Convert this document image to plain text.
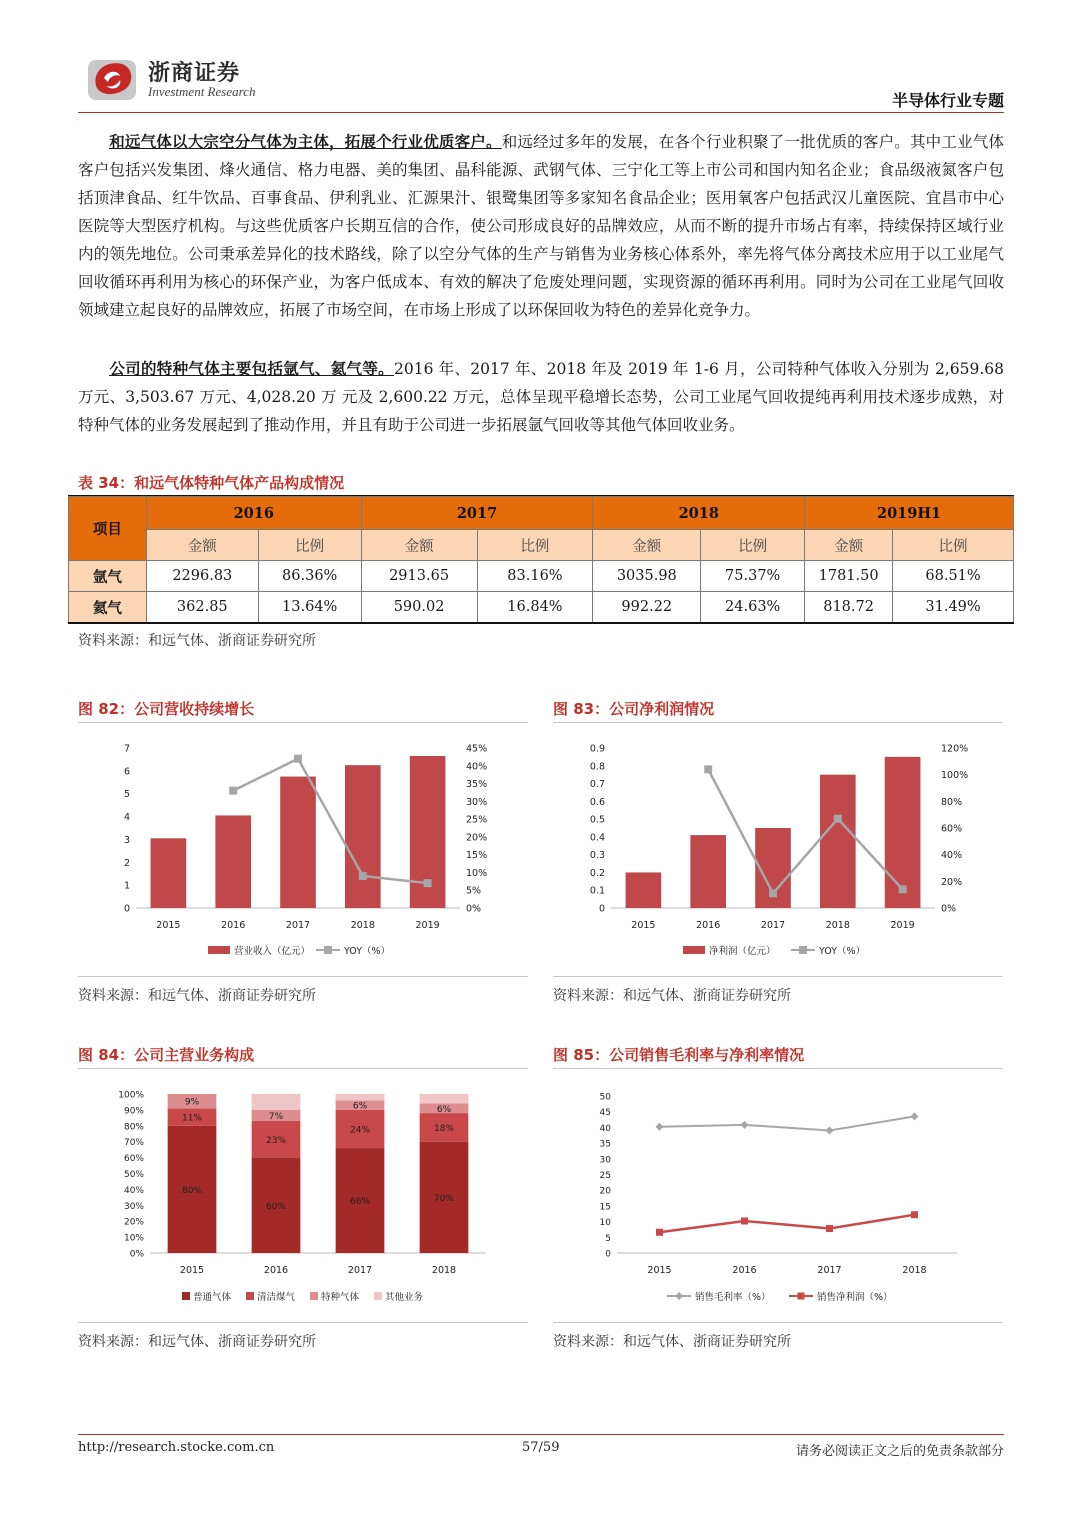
浙商证券
Investment Research	半导体行业专题

  和远气体以大宗空分气体为主体，拓展个行业优质客户。和远经过多年的发展，在各个行业积聚了一批优质的客户。其中工业气体客户包括兴发集团、烽火通信、格力电器、美的集团、晶科能源、武钢气体、三宁化工等上市公司和国内知名企业；食品级液氮客户包括顶津食品、红牛饮品、百事食品、伊利乳业、汇源果汁、银鹭集团等多家知名食品企业；医用氧客户包括武汉儿童医院、宜昌市中心医院等大型医疗机构。与这些优质客户长期互信的合作，使公司形成良好的品牌效应，从而不断的提升市场占有率，持续保持区域行业内的领先地位。公司秉承差异化的技术路线，除了以空分气体的生产与销售为业务核心体系外，率先将气体分离技术应用于以工业尾气回收循环再利用为核心的环保产业，为客户低成本、有效的解决了危废处理问题，实现资源的循环再利用。同时为公司在工业尾气回收领域建立起良好的品牌效应，拓展了市场空间，在市场上形成了以环保回收为特色的差异化竞争力。

  公司的特种气体主要包括氩气、氦气等。2016 年、2017 年、2018 年及 2019 年 1-6 月，公司特种气体收入分别为 2,659.68 万元、3,503.67 万元、4,028.20 万 元及 2,600.22 万元，总体呈现平稳增长态势，公司工业尾气回收提纯再利用技术逐步成熟，对特种气体的业务发展起到了推动作用，并且有助于公司进一步拓展氩气回收等其他气体回收业务。

表 34：和远气体特种气体产品构成情况
项目	2016		2017		2018		2019H1	
	金额	比例	金额	比例	金额	比例	金额	比例
氩气	2296.83	86.36%	2913.65	83.16%	3035.98	75.37%	1781.50	68.51%
氦气	362.85	13.64%	590.02	16.84%	992.22	24.63%	818.72	31.49%
资料来源：和远气体、浙商证券研究所
图 82：公司营收持续增长
0
1
2
3
4
5
6
7
0%
5%
10%
15%
20%
25%
30%
35%
40%
45%
2015	2016	2017	2018	2019
营业收入（亿元）	YOY（%）
资料来源：和远气体、浙商证券研究所
图 83：公司净利润情况
0
0.1
0.2
0.3
0.4
0.5
0.6
0.7
0.8
0.9
0%
20%
40%
60%
80%
100%
120%
2015	2016	2017	2018	2019
净利润（亿元）	YOY（%）
资料来源：和远气体、浙商证券研究所
图 84：公司主营业务构成
0%
10%
20%
30%
40%
50%
60%
70%
80%
90%
100%
80%
11%
9%
2015
60%
23%
7%
2016
66%
24%
6%
2017
70%
18%
6%
2018
普通气体	清洁煤气	特种气体	其他业务
资料来源：和远气体、浙商证券研究所
图 85：公司销售毛利率与净利率情况
0
5
10
15
20
25
30
35
40
45
50
2015	2016	2017	2018
销售毛利率（%）	销售净利润（%）
资料来源：和远气体、浙商证券研究所
http://research.stocke.com.cn	57/59	请务必阅读正文之后的免责条款部分
